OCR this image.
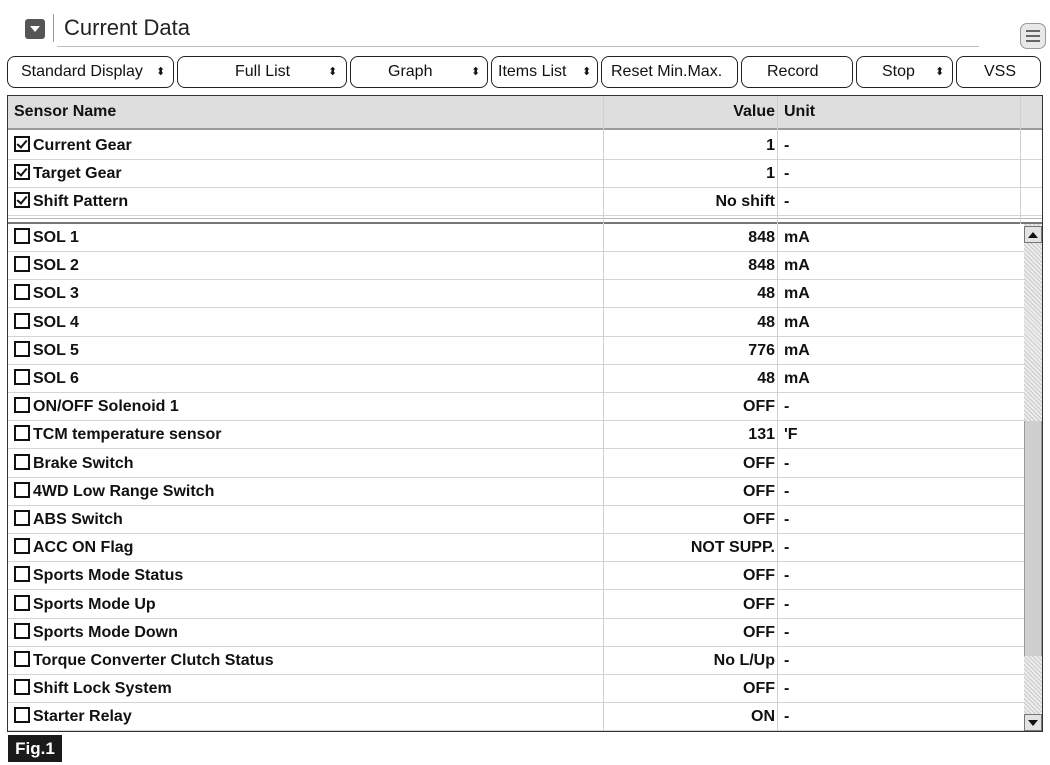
Current Data
Standard Display ⬍	Full List	⬍	Graph	⬍ Items List ⬍ Reset Min.Max.	Record	Stop ⬍ VSS
Sensor Name	Value Unit
Current Gear	1 -
Target Gear	1 -
Shift Pattern	No shift -
SOL 1	848 mA
SOL 2	848 mA
SOL 3	48 mA
SOL 4	48 mA
SOL 5	776 mA
SOL 6	48 mA
ON/OFF Solenoid 1	OFF -
TCM temperature sensor	131 'F
Brake Switch	OFF -
4WD Low Range Switch	OFF -
ABS Switch	OFF -
ACC ON Flag	NOT SUPP. -
Sports Mode Status	OFF -
Sports Mode Up	OFF -
Sports Mode Down	OFF -
Torque Converter Clutch Status	No L/Up -
Shift Lock System	OFF -
Starter Relay	ON -
Fig.1
